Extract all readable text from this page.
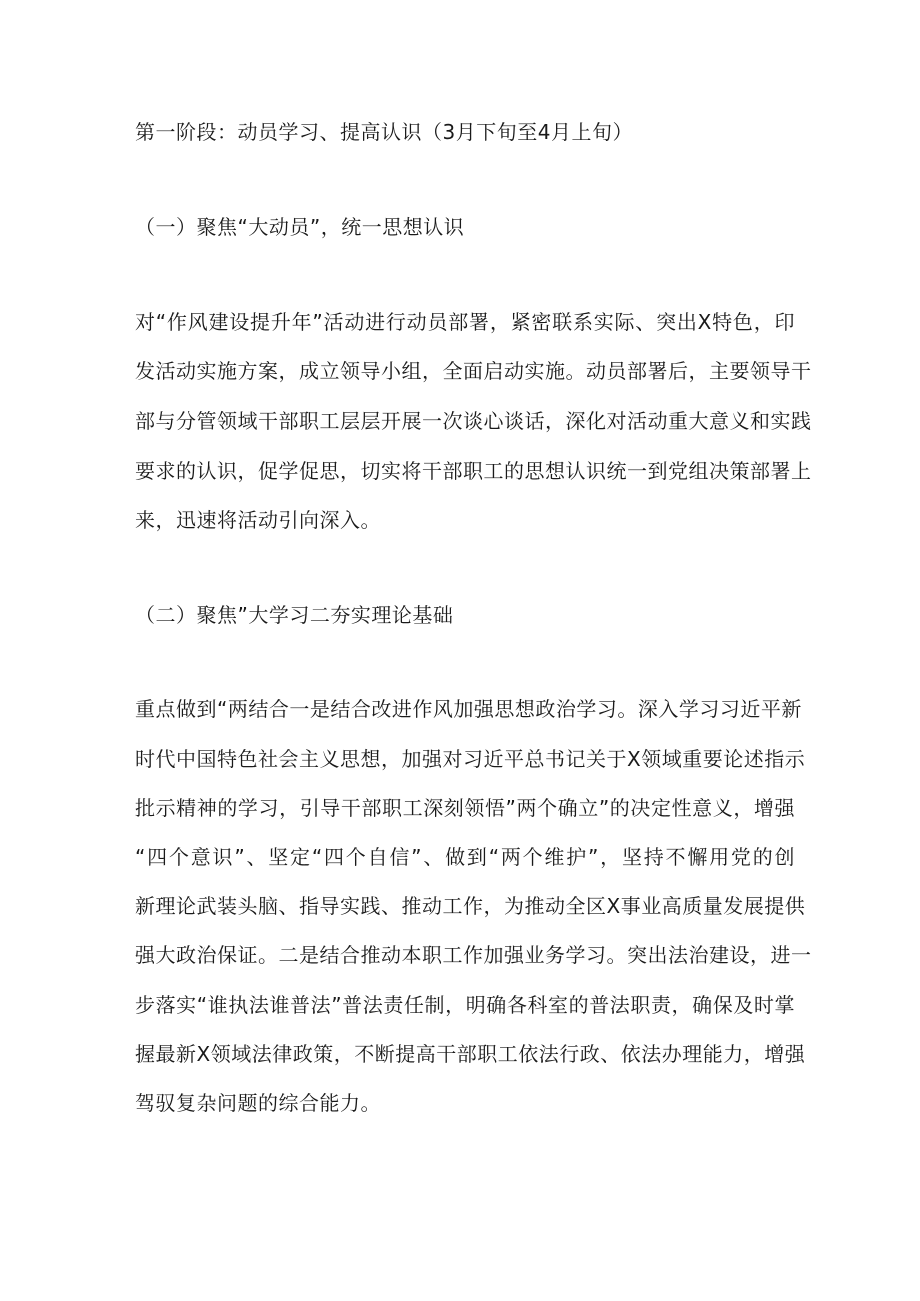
第一阶段：动员学习、提高认识（3月下旬至4月上旬）
（一）聚焦“大动员”，统一思想认识
对“作风建设提升年”活动进行动员部署，紧密联系实际、突出X特色，印
发活动实施方案，成立领导小组，全面启动实施。动员部署后，主要领导干
部与分管领域干部职工层层开展一次谈心谈话，深化对活动重大意义和实践
要求的认识，促学促思，切实将干部职工的思想认识统一到党组决策部署上
来，迅速将活动引向深入。
（二）聚焦”大学习二夯实理论基础
重点做到“两结合一是结合改进作风加强思想政治学习。深入学习习近平新
时代中国特色社会主义思想，加强对习近平总书记关于X领域重要论述指示
批示精神的学习，引导干部职工深刻领悟”两个确立”的决定性意义，增强
“四个意识”、坚定“四个自信”、做到“两个维护”，坚持不懈用党的创
新理论武装头脑、指导实践、推动工作，为推动全区X事业高质量发展提供
强大政治保证。二是结合推动本职工作加强业务学习。突出法治建设，进一
步落实“谁执法谁普法”普法责任制，明确各科室的普法职责，确保及时掌
握最新X领域法律政策，不断提高干部职工依法行政、依法办理能力，增强
驾驭复杂问题的综合能力。
